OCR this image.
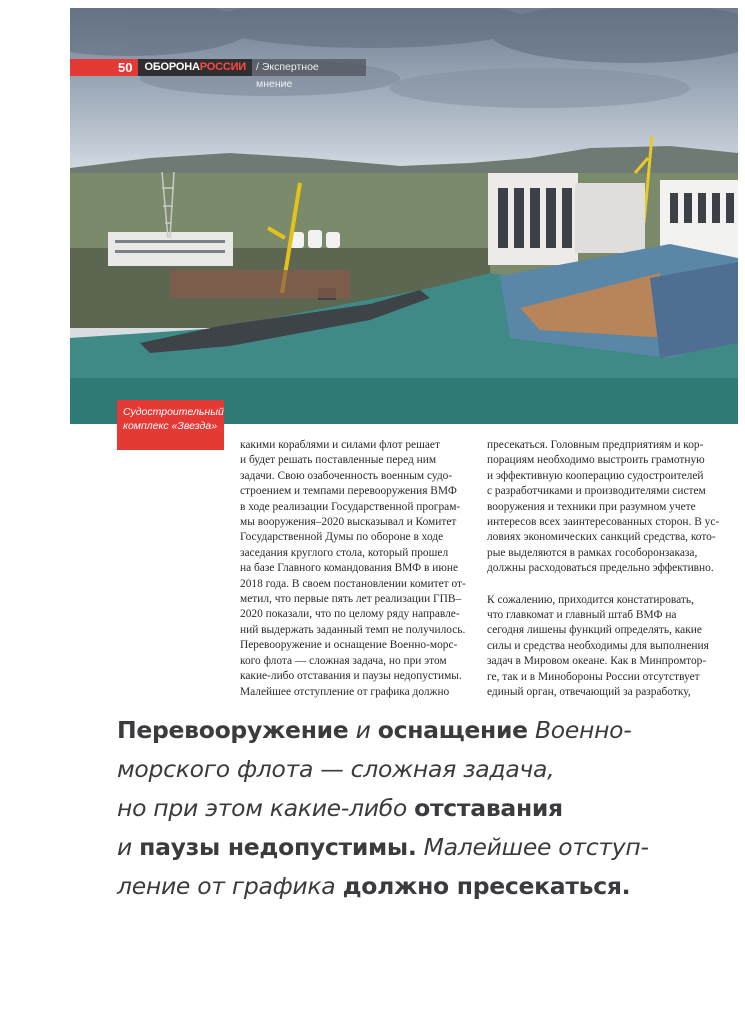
50	ОБОРОНАРОССИИ / Экспертное мнение
Судостроительный
комплекс «Звезда»
какими кораблями и силами флот решает
и будет решать поставленные перед ним
задачи. Свою озабоченность военным судо-
строением и темпами перевооружения ВМФ
в ходе реализации Государственной програм-
мы вооружения–2020 высказывал и Комитет
Государственной Думы по обороне в ходе
заседания круглого стола, который прошел
на базе Главного командования ВМФ в июне
2018 года. В своем постановлении комитет от-
метил, что первые пять лет реализации ГПВ–
2020 показали, что по целому ряду направле-
ний выдержать заданный темп не получилось.
Перевооружение и оснащение Военно-морс-
кого флота — сложная задача, но при этом
какие-либо отставания и паузы недопустимы.
Малейшее отступление от графика должно
пресекаться. Головным предприятиям и кор-
порациям необходимо выстроить грамотную
и эффективную кооперацию судостроителей
с разработчиками и производителями систем
вооружения и техники при разумном учете
интересов всех заинтересованных сторон. В ус-
ловиях экономических санкций средства, кото-
рые выделяются в рамках гособоронзаказа,
должны расходоваться предельно эффективно.
К сожалению, приходится констатировать,
что главкомат и главный штаб ВМФ на
сегодня лишены функций определять, какие
силы и средства необходимы для выполнения
задач в Мировом океане. Как в Минпромтор-
ге, так и в Минобороны России отсутствует
единый орган, отвечающий за разработку,
Перевооружение и оснащение Военно-
морского флота — сложная задача,
но при этом какие-либо отставания
и паузы недопустимы. Малейшее отступ-
ление от графика должно пресекаться.
